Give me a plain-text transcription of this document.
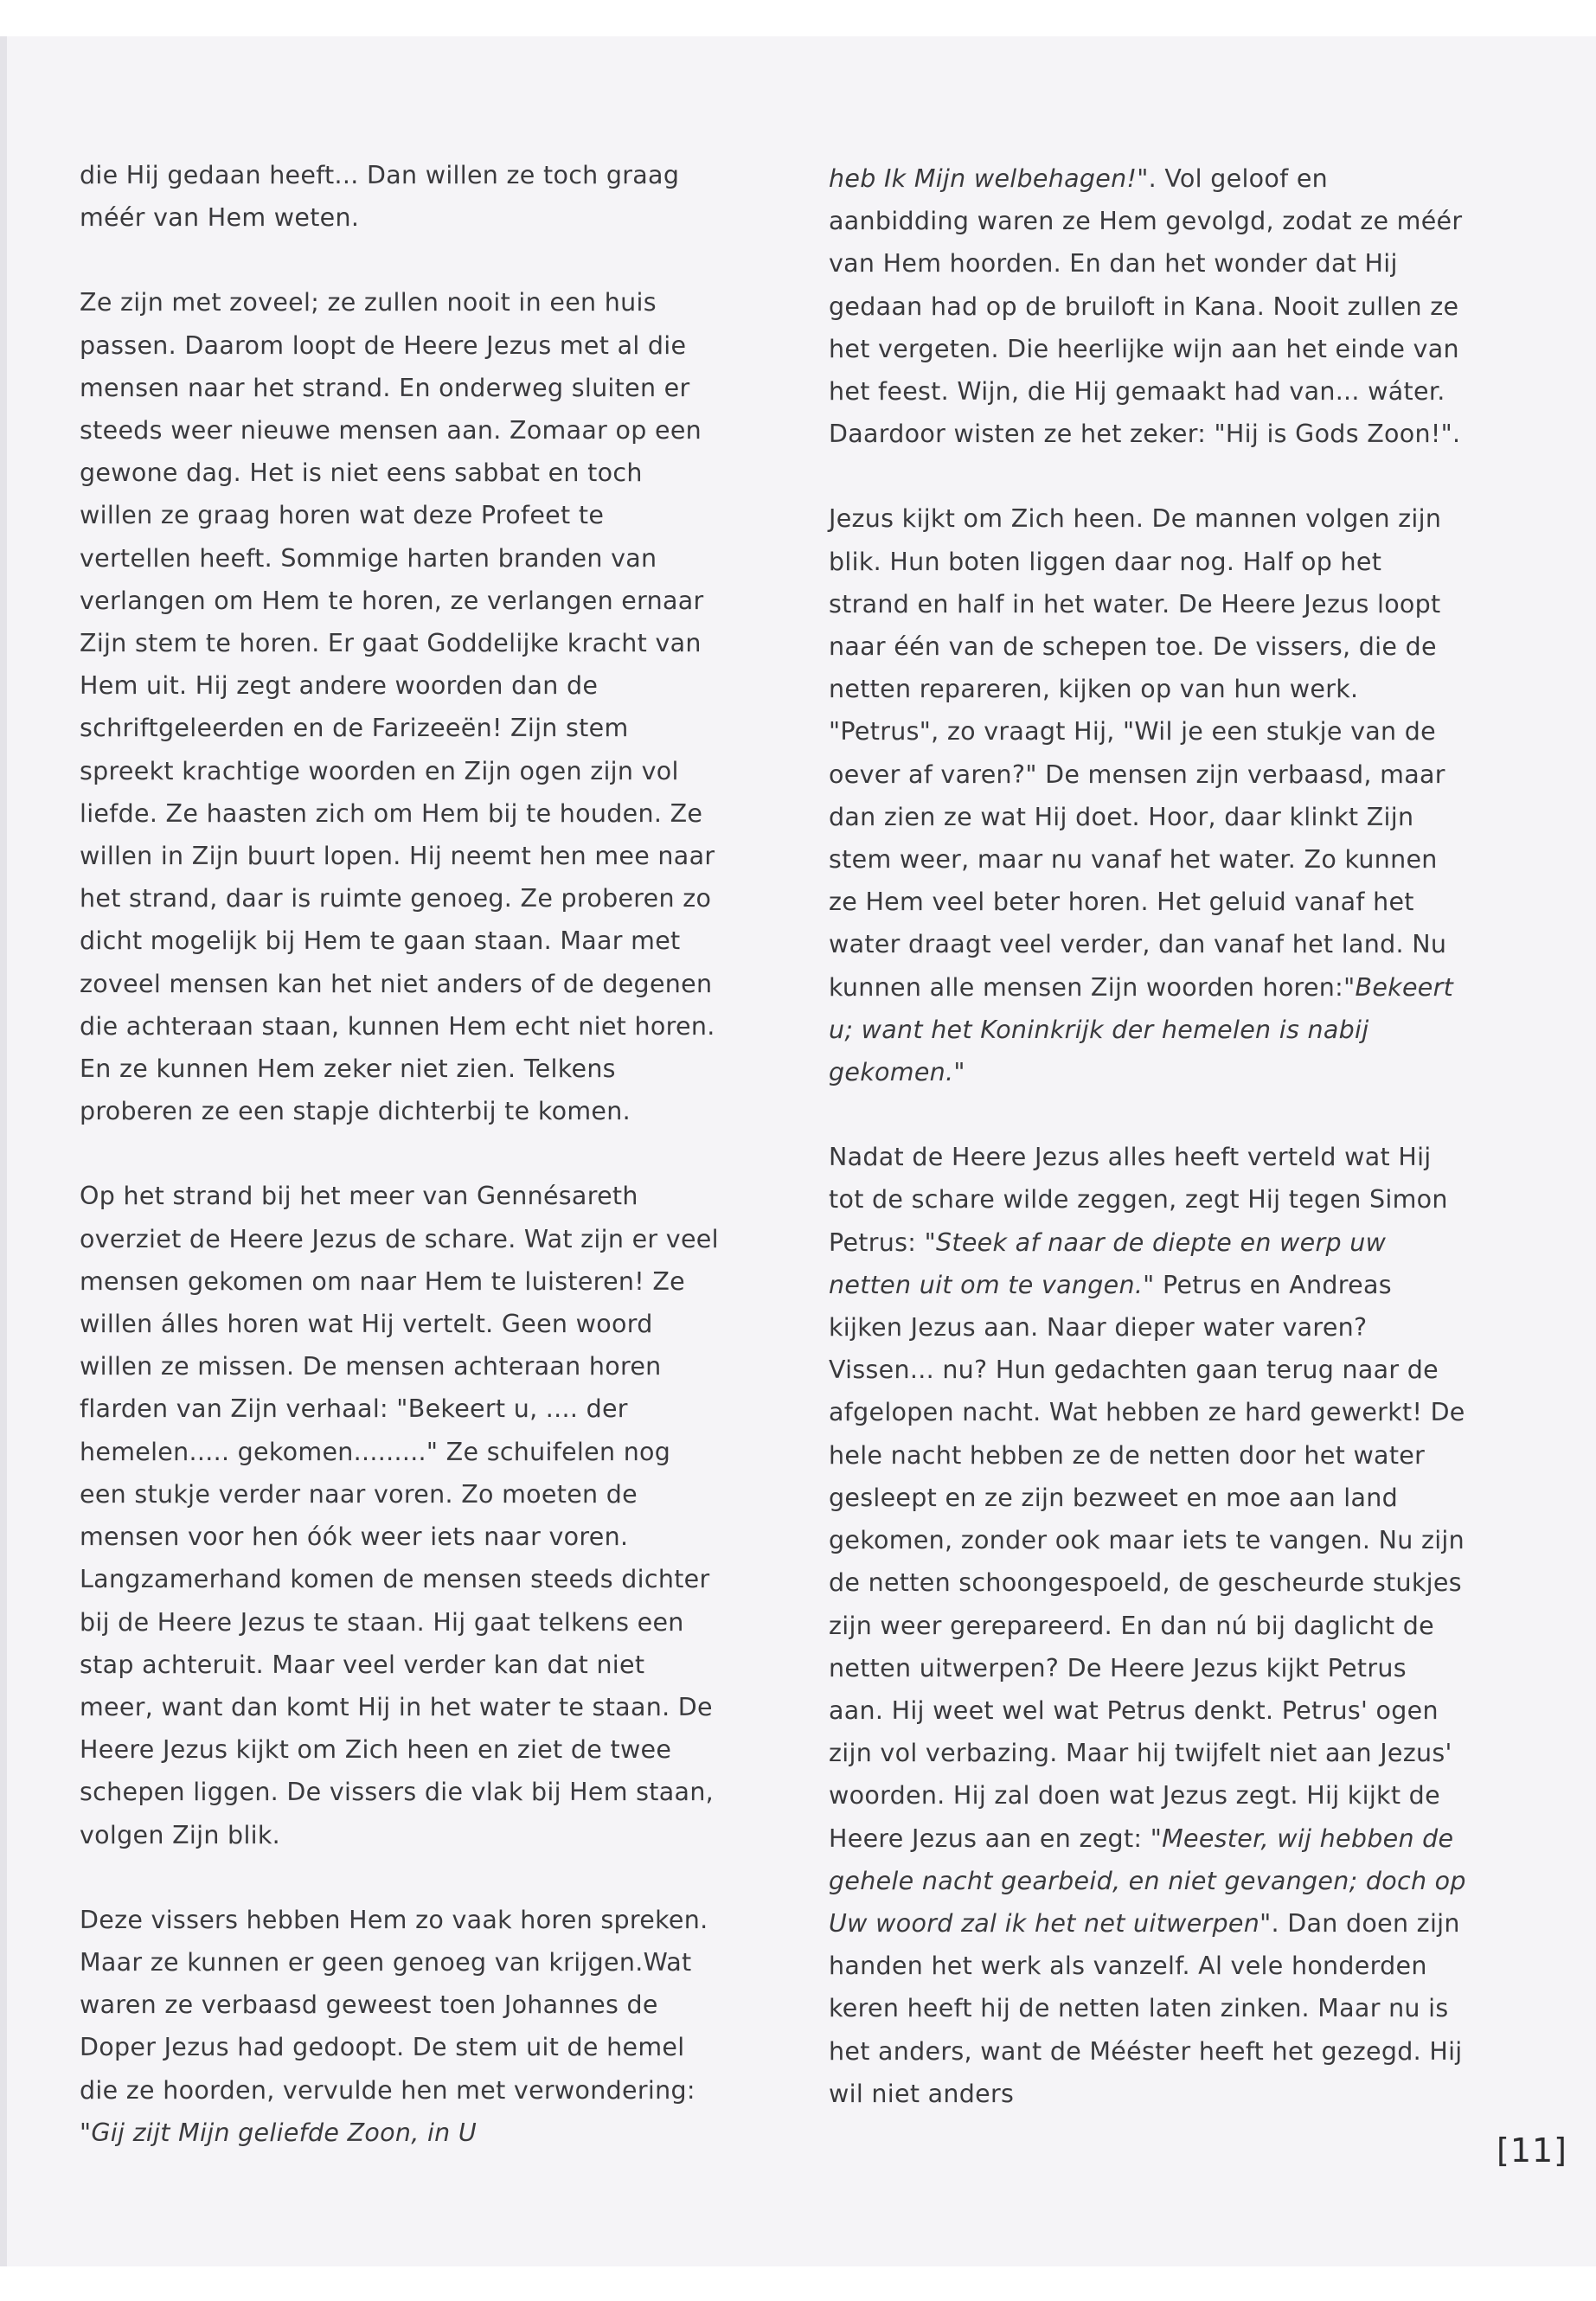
die Hij gedaan heeft... Dan willen ze toch graag méér van Hem weten.

Ze zijn met zoveel; ze zullen nooit in een huis passen. Daarom loopt de Heere Jezus met al die mensen naar het strand. En onderweg sluiten er steeds weer nieuwe mensen aan. Zomaar op een gewone dag. Het is niet eens sabbat en toch willen ze graag horen wat deze Profeet te vertellen heeft. Sommige harten branden van verlangen om Hem te horen, ze verlangen ernaar Zijn stem te horen. Er gaat Goddelijke kracht van Hem uit. Hij zegt andere woorden dan de schriftgeleerden en de Farizeeën! Zijn stem spreekt krachtige woorden en Zijn ogen zijn vol liefde. Ze haasten zich om Hem bij te houden. Ze willen in Zijn buurt lopen. Hij neemt hen mee naar het strand, daar is ruimte genoeg. Ze proberen zo dicht mogelijk bij Hem te gaan staan. Maar met zoveel mensen kan het niet anders of de degenen die achteraan staan, kunnen Hem echt niet horen. En ze kunnen Hem zeker niet zien. Telkens proberen ze een stapje dichterbij te komen.

Op het strand bij het meer van Gennésareth overziet de Heere Jezus de schare. Wat zijn er veel mensen gekomen om naar Hem te luisteren! Ze willen álles horen wat Hij vertelt. Geen woord willen ze missen. De mensen achteraan horen flarden van Zijn verhaal: "Bekeert u, .... der hemelen..... gekomen........." Ze schuifelen nog een stukje verder naar voren. Zo moeten de mensen voor hen óók weer iets naar voren. Langzamerhand komen de mensen steeds dichter bij de Heere Jezus te staan. Hij gaat telkens een stap achteruit. Maar veel verder kan dat niet meer, want dan komt Hij in het water te staan. De Heere Jezus kijkt om Zich heen en ziet de twee schepen liggen. De vissers die vlak bij Hem staan, volgen Zijn blik.

Deze vissers hebben Hem zo vaak horen spreken. Maar ze kunnen er geen genoeg van krijgen.Wat waren ze verbaasd geweest toen Johannes de Doper Jezus had gedoopt. De stem uit de hemel die ze hoorden, vervulde hen met verwondering: "Gij zijt Mijn geliefde Zoon, in U

heb Ik Mijn welbehagen!". Vol geloof en aanbidding waren ze Hem gevolgd, zodat ze méér van Hem hoorden. En dan het wonder dat Hij gedaan had op de bruiloft in Kana. Nooit zullen ze het vergeten. Die heerlijke wijn aan het einde van het feest. Wijn, die Hij gemaakt had van... wáter. Daardoor wisten ze het zeker: "Hij is Gods Zoon!".

Jezus kijkt om Zich heen. De mannen volgen zijn blik. Hun boten liggen daar nog. Half op het strand en half in het water. De Heere Jezus loopt naar één van de schepen toe. De vissers, die de netten repareren, kijken op van hun werk. "Petrus", zo vraagt Hij, "Wil je een stukje van de oever af varen?" De mensen zijn verbaasd, maar dan zien ze wat Hij doet. Hoor, daar klinkt Zijn stem weer, maar nu vanaf het water. Zo kunnen ze Hem veel beter horen. Het geluid vanaf het water draagt veel verder, dan vanaf het land. Nu kunnen alle mensen Zijn woorden horen:"Bekeert u; want het Koninkrijk der hemelen is nabij gekomen."

Nadat de Heere Jezus alles heeft verteld wat Hij tot de schare wilde zeggen, zegt Hij tegen Simon Petrus: "Steek af naar de diepte en werp uw netten uit om te vangen." Petrus en Andreas kijken Jezus aan. Naar dieper water varen? Vissen... nu? Hun gedachten gaan terug naar de afgelopen nacht. Wat hebben ze hard gewerkt! De hele nacht hebben ze de netten door het water gesleept en ze zijn bezweet en moe aan land gekomen, zonder ook maar iets te vangen. Nu zijn de netten schoongespoeld, de gescheurde stukjes zijn weer gerepareerd. En dan nú bij daglicht de netten uitwerpen? De Heere Jezus kijkt Petrus aan. Hij weet wel wat Petrus denkt. Petrus' ogen zijn vol verbazing. Maar hij twijfelt niet aan Jezus' woorden. Hij zal doen wat Jezus zegt. Hij kijkt de Heere Jezus aan en zegt: "Meester, wij hebben de gehele nacht gearbeid, en niet gevangen; doch op Uw woord zal ik het net uitwerpen". Dan doen zijn handen het werk als vanzelf. Al vele honderden keren heeft hij de netten laten zinken. Maar nu is het anders, want de Mééster heeft het gezegd. Hij wil niet anders

[11]
